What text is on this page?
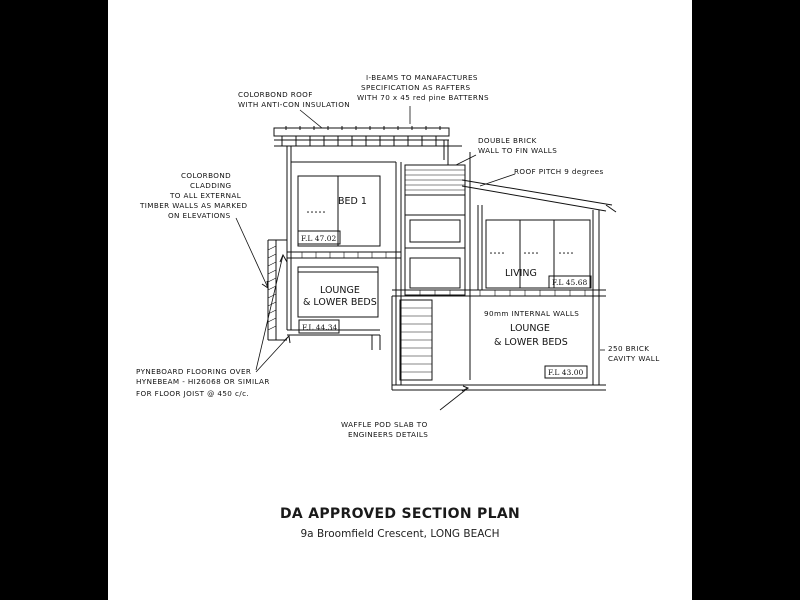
COLORBOND ROOF
WITH ANTI-CON INSULATION
I-BEAMS TO MANAFACTURES
SPECIFICATION AS RAFTERS
WITH 70 x 45 red pine BATTERNS
DOUBLE BRICK
WALL TO FIN WALLS
ROOF PITCH 9 degrees
COLORBOND
CLADDING
TO ALL EXTERNAL
TIMBER WALLS AS MARKED
ON ELEVATIONS
90mm INTERNAL WALLS
250 BRICK
CAVITY WALL
PYNEBOARD FLOORING OVER
HYNEBEAM - HI26068 OR SIMILAR
FOR FLOOR JOIST @ 450 c/c.
WAFFLE POD SLAB TO
ENGINEERS DETAILS
BED 1
LOUNGE
& LOWER BEDS
LIVING
LOUNGE
& LOWER BEDS
F.L 47.02
F.L 44.34
F.L 45.68
F.L 43.00
DA APPROVED SECTION PLAN
9a Broomfield Crescent, LONG BEACH
